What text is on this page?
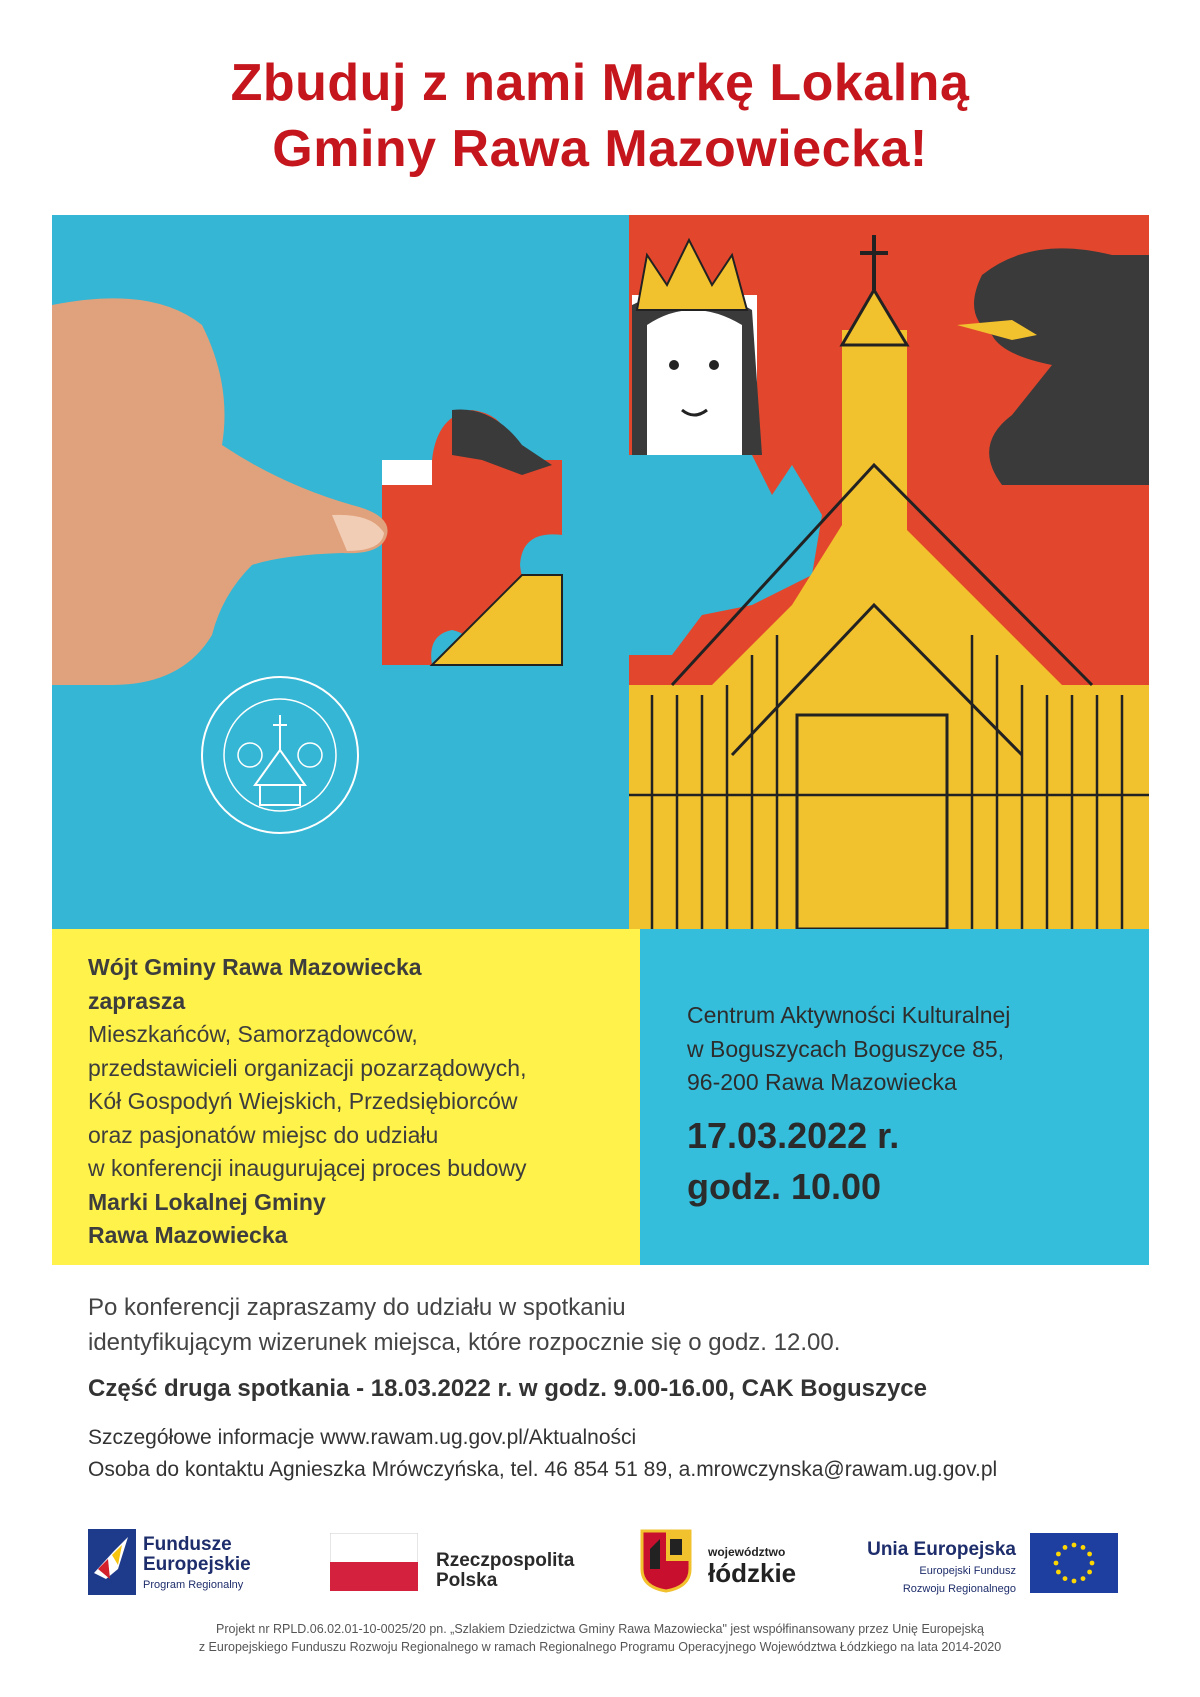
Zbuduj z nami Markę Lokalną
Gminy Rawa Mazowiecka!
Wójt Gminy Rawa Mazowiecka
zaprasza
Mieszkańców, Samorządowców,
przedstawicieli organizacji pozarządowych,
Kół Gospodyń Wiejskich, Przedsiębiorców
oraz pasjonatów miejsc do udziału
w konferencji inaugurującej proces budowy
Marki Lokalnej Gminy
Rawa Mazowiecka
Centrum Aktywności Kulturalnej
w Boguszycach Boguszyce 85,
96-200 Rawa Mazowiecka
17.03.2022 r.
godz. 10.00
Po konferencji zapraszamy do udziału w spotkaniu
identyfikującym wizerunek miejsca, które rozpocznie się o godz. 12.00.
Część druga spotkania - 18.03.2022 r. w godz. 9.00-16.00, CAK Boguszyce
Szczegółowe informacje www.rawam.ug.gov.pl/Aktualności
Osoba do kontaktu Agnieszka Mrówczyńska, tel. 46 854 51 89, a.mrowczynska@rawam.ug.gov.pl
Fundusze
Europejskie
Program Regionalny
Rzeczpospolita
Polska
województwo
łódzkie
Unia Europejska
Europejski Fundusz
Rozwoju Regionalnego
Projekt nr RPLD.06.02.01-10-0025/20 pn. „Szlakiem Dziedzictwa Gminy Rawa Mazowiecka" jest współfinansowany przez Unię Europejską
z Europejskiego Funduszu Rozwoju Regionalnego w ramach Regionalnego Programu Operacyjnego Województwa Łódzkiego na lata 2014-2020
